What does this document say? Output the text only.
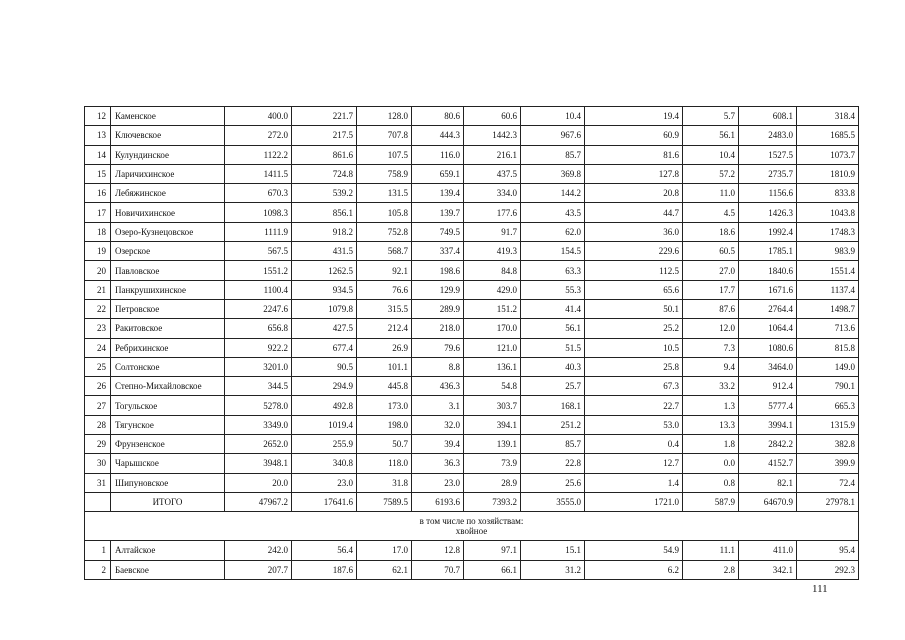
12	Каменское	400.0	221.7	128.0	80.6	60.6	10.4	19.4	5.7	608.1	318.4
13	Ключевское	272.0	217.5	707.8	444.3	1442.3	967.6	60.9	56.1	2483.0	1685.5
14	Кулундинское	1122.2	861.6	107.5	116.0	216.1	85.7	81.6	10.4	1527.5	1073.7
15	Ларичихинское	1411.5	724.8	758.9	659.1	437.5	369.8	127.8	57.2	2735.7	1810.9
16	Лебяжинское	670.3	539.2	131.5	139.4	334.0	144.2	20.8	11.0	1156.6	833.8
17	Новичихинское	1098.3	856.1	105.8	139.7	177.6	43.5	44.7	4.5	1426.3	1043.8
18	Озеро-Кузнецовское	1111.9	918.2	752.8	749.5	91.7	62.0	36.0	18.6	1992.4	1748.3
19	Озерское	567.5	431.5	568.7	337.4	419.3	154.5	229.6	60.5	1785.1	983.9
20	Павловское	1551.2	1262.5	92.1	198.6	84.8	63.3	112.5	27.0	1840.6	1551.4
21	Панкрушихинское	1100.4	934.5	76.6	129.9	429.0	55.3	65.6	17.7	1671.6	1137.4
22	Петровское	2247.6	1079.8	315.5	289.9	151.2	41.4	50.1	87.6	2764.4	1498.7
23	Ракитовское	656.8	427.5	212.4	218.0	170.0	56.1	25.2	12.0	1064.4	713.6
24	Ребрихинское	922.2	677.4	26.9	79.6	121.0	51.5	10.5	7.3	1080.6	815.8
25	Солтонское	3201.0	90.5	101.1	8.8	136.1	40.3	25.8	9.4	3464.0	149.0
26	Степно-Михайловское	344.5	294.9	445.8	436.3	54.8	25.7	67.3	33.2	912.4	790.1
27	Тогульское	5278.0	492.8	173.0	3.1	303.7	168.1	22.7	1.3	5777.4	665.3
28	Тягунское	3349.0	1019.4	198.0	32.0	394.1	251.2	53.0	13.3	3994.1	1315.9
29	Фрунзенское	2652.0	255.9	50.7	39.4	139.1	85.7	0.4	1.8	2842.2	382.8
30	Чарышское	3948.1	340.8	118.0	36.3	73.9	22.8	12.7	0.0	4152.7	399.9
31	Шипуновское	20.0	23.0	31.8	23.0	28.9	25.6	1.4	0.8	82.1	72.4
	ИТОГО	47967.2	17641.6	7589.5	6193.6	7393.2	3555.0	1721.0	587.9	64670.9	27978.1
в том числе по хозяйствам:
хвойное											
1	Алтайское	242.0	56.4	17.0	12.8	97.1	15.1	54.9	11.1	411.0	95.4
2	Баевское	207.7	187.6	62.1	70.7	66.1	31.2	6.2	2.8	342.1	292.3
111
